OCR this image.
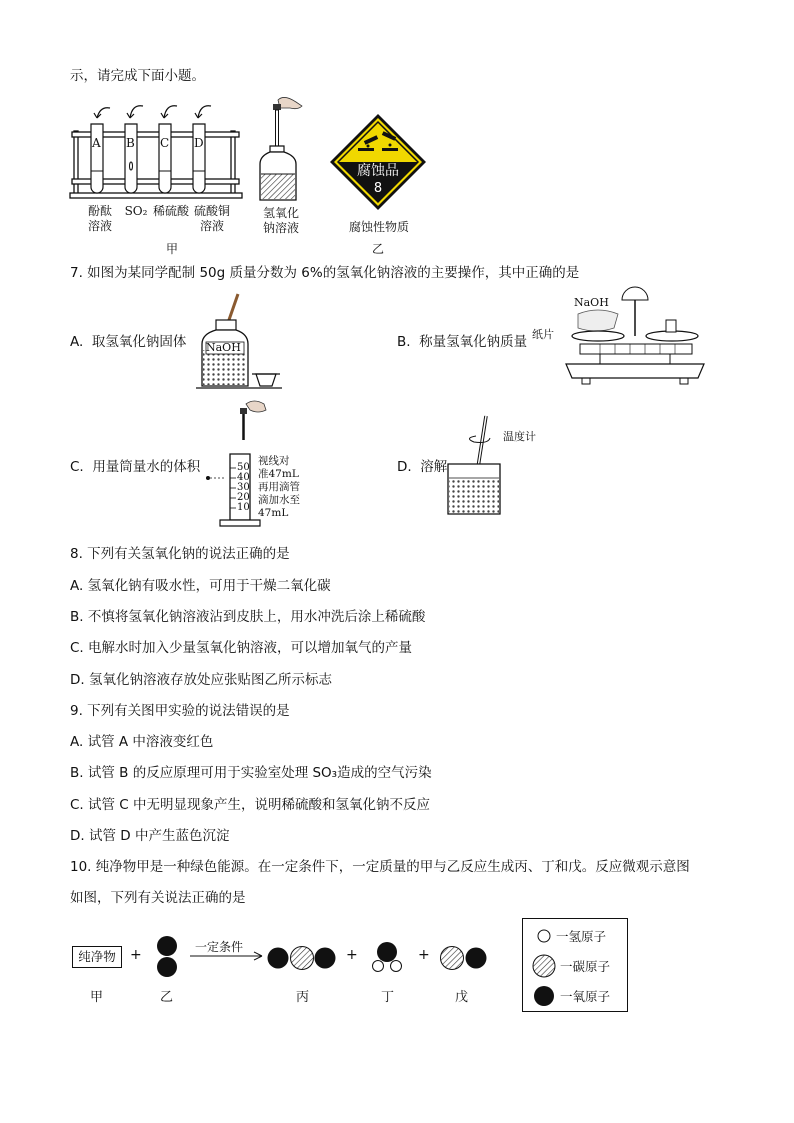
示，请完成下面小题。
A B C D
酚酞
溶液
SO₂ 稀硫酸 硫酸铜
溶液
甲
氢氧化
钠溶液
腐蚀品
8
腐蚀性物质
乙
7. 如图为某同学配制 50g 质量分数为 6%的氢氧化钠溶液的主要操作，其中正确的是
A. 取氢氧化钠固体 NaOH	B. 称量氢氧化钠质量
NaOH
纸片
C. 用量筒量水的体积	50
40
30
20
10
视线对
准47mL
再用滴管
滴加水至
47mL
D. 溶解
温度计
8. 下列有关氢氧化钠的说法正确的是
A. 氢氧化钠有吸水性，可用于干燥二氧化碳
B. 不慎将氢氧化钠溶液沾到皮肤上，用水冲洗后涂上稀硫酸
C. 电解水时加入少量氢氧化钠溶液，可以增加氧气的产量
D. 氢氧化钠溶液存放处应张贴图乙所示标志
9. 下列有关图甲实验的说法错误的是
A. 试管 A 中溶液变红色
B. 试管 B 的反应原理可用于实验室处理 SO₃造成的空气污染
C. 试管 C 中无明显现象产生，说明稀硫酸和氢氧化钠不反应
D. 试管 D 中产生蓝色沉淀
10. 纯净物甲是一种绿色能源。在一定条件下，一定质量的甲与乙反应生成丙、丁和戊。反应微观示意图
如图，下列有关说法正确的是
纯净物	+	+	+
一定条件
甲	乙	丙	丁	戊
一氢原子
一碳原子
一氧原子
